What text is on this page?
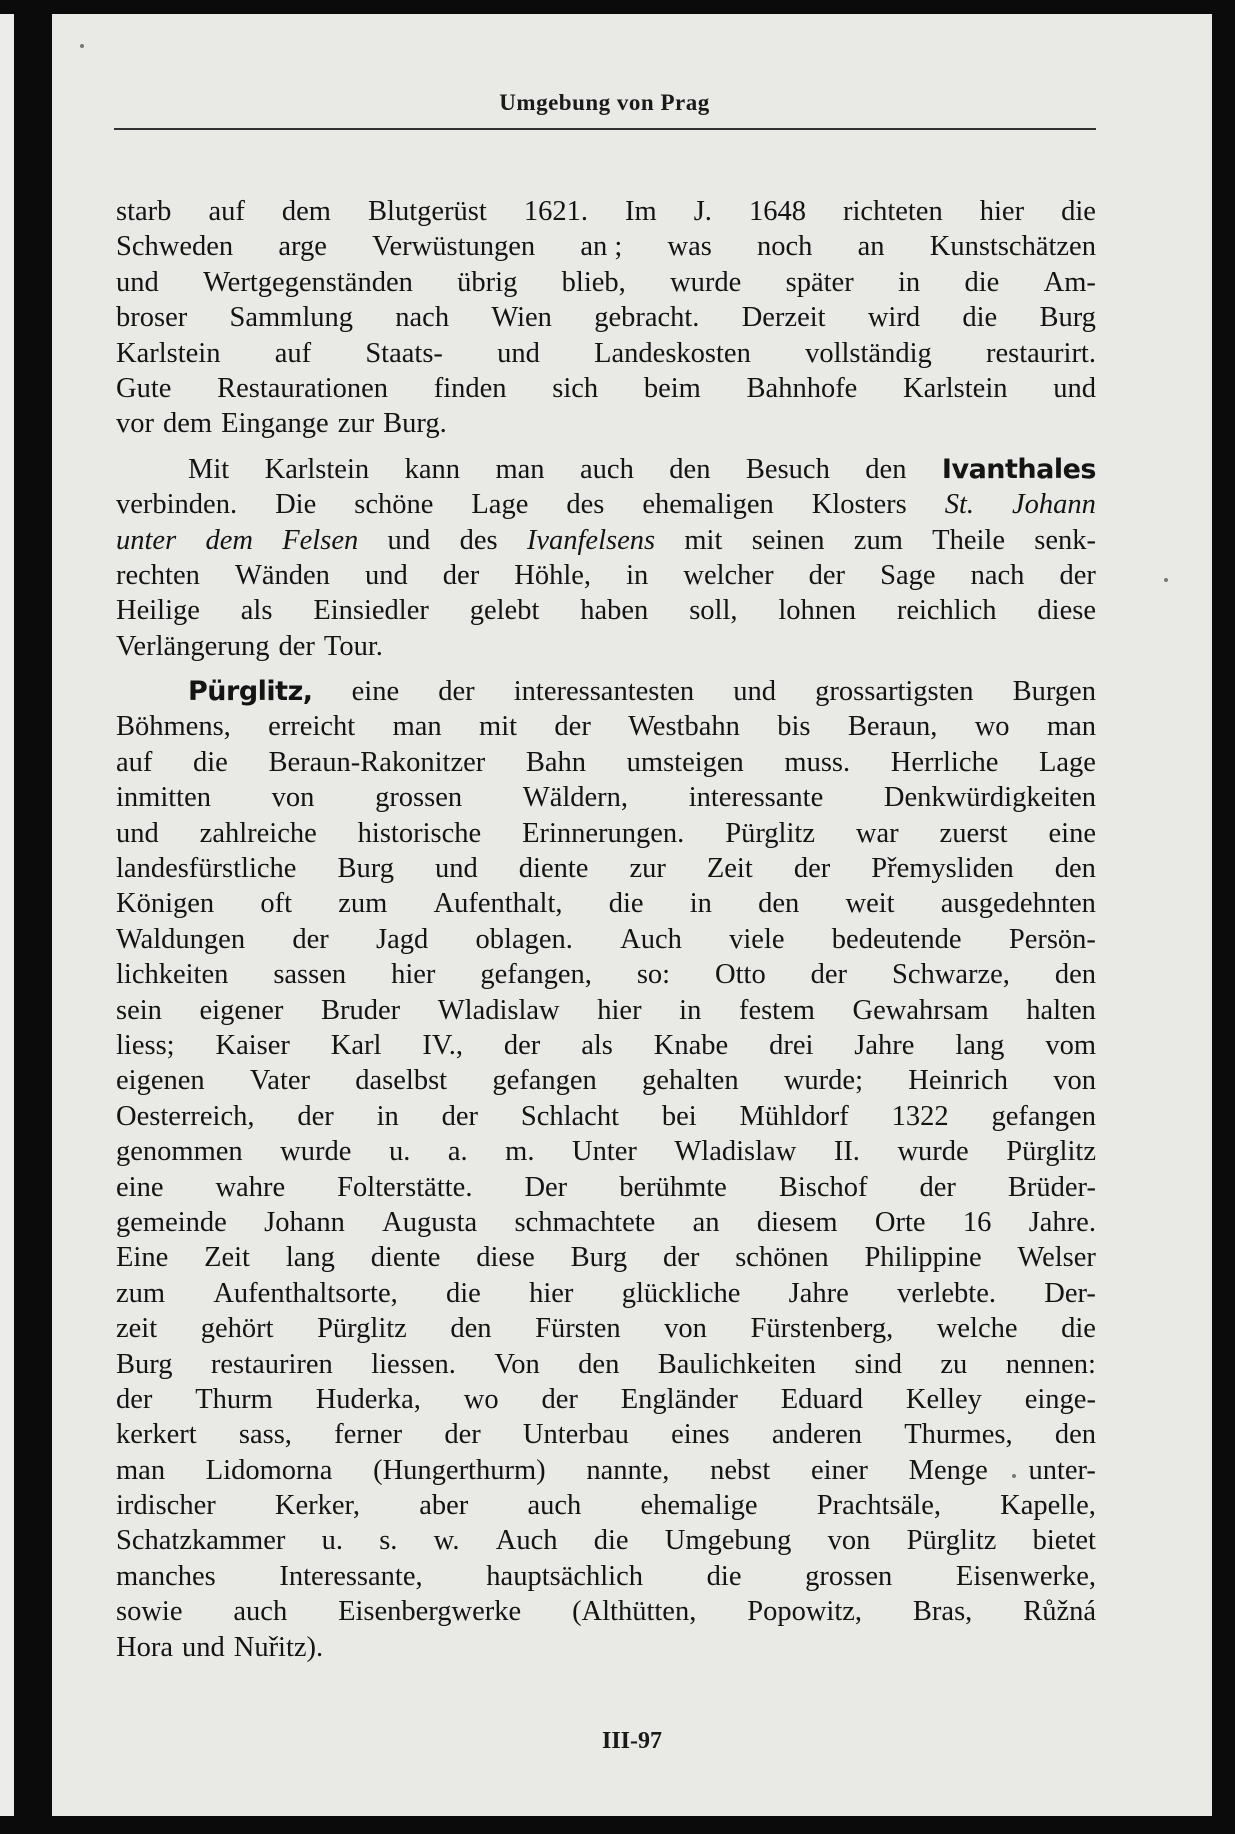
Umgebung von Prag
starb auf dem Blutgerüst 1621. Im J. 1648 richteten hier die
Schweden arge Verwüstungen an ; was noch an Kunstschätzen
und Wertgegenständen übrig blieb, wurde später in die Am-
broser Sammlung nach Wien gebracht. Derzeit wird die Burg
Karlstein auf Staats- und Landeskosten vollständig restaurirt.
Gute Restaurationen finden sich beim Bahnhofe Karlstein und
vor dem Eingange zur Burg.
Mit Karlstein kann man auch den Besuch den Ivanthales
verbinden. Die schöne Lage des ehemaligen Klosters St. Johann
unter dem Felsen und des Ivanfelsens mit seinen zum Theile senk-
rechten Wänden und der Höhle, in welcher der Sage nach der
Heilige als Einsiedler gelebt haben soll, lohnen reichlich diese
Verlängerung der Tour.
Pürglitz, eine der interessantesten und grossartigsten Burgen
Böhmens, erreicht man mit der Westbahn bis Beraun, wo man
auf die Beraun-Rakonitzer Bahn umsteigen muss. Herrliche Lage
inmitten von grossen Wäldern, interessante Denkwürdigkeiten
und zahlreiche historische Erinnerungen. Pürglitz war zuerst eine
landesfürstliche Burg und diente zur Zeit der Přemysliden den
Königen oft zum Aufenthalt, die in den weit ausgedehnten
Waldungen der Jagd oblagen. Auch viele bedeutende Persön-
lichkeiten sassen hier gefangen, so: Otto der Schwarze, den
sein eigener Bruder Wladislaw hier in festem Gewahrsam halten
liess; Kaiser Karl IV., der als Knabe drei Jahre lang vom
eigenen Vater daselbst gefangen gehalten wurde; Heinrich von
Oesterreich, der in der Schlacht bei Mühldorf 1322 gefangen
genommen wurde u. a. m. Unter Wladislaw II. wurde Pürglitz
eine wahre Folterstätte. Der berühmte Bischof der Brüder-
gemeinde Johann Augusta schmachtete an diesem Orte 16 Jahre.
Eine Zeit lang diente diese Burg der schönen Philippine Welser
zum Aufenthaltsorte, die hier glückliche Jahre verlebte. Der-
zeit gehört Pürglitz den Fürsten von Fürstenberg, welche die
Burg restauriren liessen. Von den Baulichkeiten sind zu nennen:
der Thurm Huderka, wo der Engländer Eduard Kelley einge-
kerkert sass, ferner der Unterbau eines anderen Thurmes, den
man Lidomorna (Hungerthurm) nannte, nebst einer Menge unter-
irdischer Kerker, aber auch ehemalige Prachtsäle, Kapelle,
Schatzkammer u. s. w. Auch die Umgebung von Pürglitz bietet
manches Interessante, hauptsächlich die grossen Eisenwerke,
sowie auch Eisenbergwerke (Althütten, Popowitz, Bras, Růžná
Hora und Nuřitz).
III-97
